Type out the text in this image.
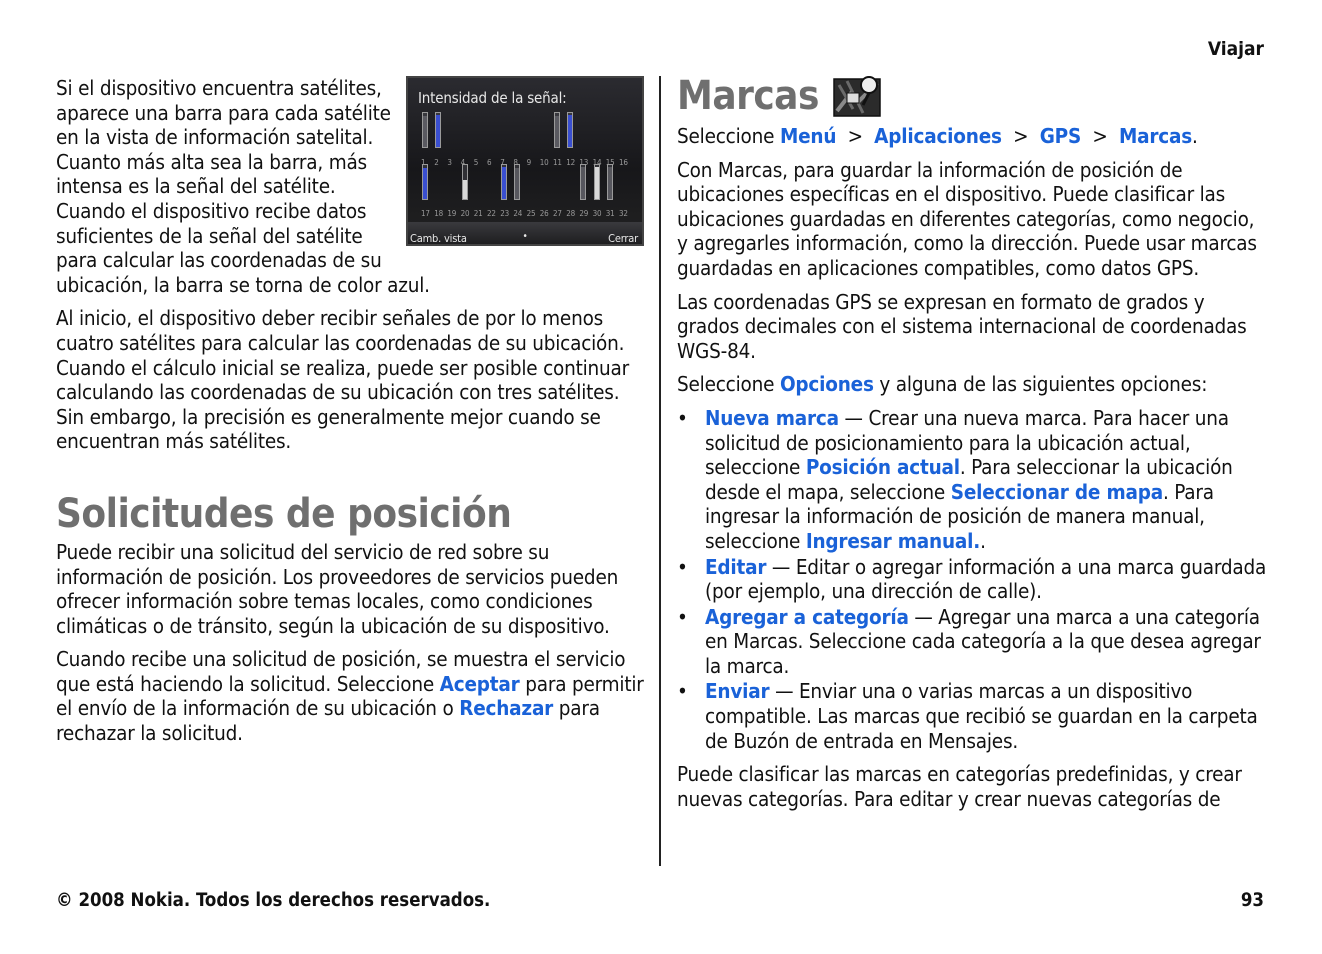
Viajar
Intensidad de la señal:
1 2 3 4 5 6 7 8 9 10 11 12 13 14 15 16
17 18 19 20 21 22 23 24 25 26 27 28 29 30 31 32
Camb. vista	•	Cerrar

Si el dispositivo encuentra satélites, aparece una barra para cada satélite en la vista de información satelital. Cuanto más alta sea la barra, más intensa es la señal del satélite. Cuando el dispositivo recibe datos suficientes de la señal del satélite para calcular las coordenadas de su ubicación, la barra se torna de color azul.

Al inicio, el dispositivo deber recibir señales de por lo menos cuatro satélites para calcular las coordenadas de su ubicación. Cuando el cálculo inicial se realiza, puede ser posible continuar calculando las coordenadas de su ubicación con tres satélites. Sin embargo, la precisión es generalmente mejor cuando se encuentran más satélites.

Solicitudes de posición

Puede recibir una solicitud del servicio de red sobre su información de posición. Los proveedores de servicios pueden ofrecer información sobre temas locales, como condiciones climáticas o de tránsito, según la ubicación de su dispositivo.

Cuando recibe una solicitud de posición, se muestra el servicio que está haciendo la solicitud. Seleccione Aceptar para permitir el envío de la información de su ubicación o Rechazar para rechazar la solicitud.

Marcas

Seleccione Menú > Aplicaciones > GPS > Marcas.

Con Marcas, para guardar la información de posición de ubicaciones específicas en el dispositivo. Puede clasificar las ubicaciones guardadas en diferentes categorías, como negocio, y agregarles información, como la dirección. Puede usar marcas guardadas en aplicaciones compatibles, como datos GPS.

Las coordenadas GPS se expresan en formato de grados y grados decimales con el sistema internacional de coordenadas WGS-84.

Seleccione Opciones y alguna de las siguientes opciones:

• Nueva marca — Crear una nueva marca. Para hacer una solicitud de posicionamiento para la ubicación actual, seleccione Posición actual. Para seleccionar la ubicación desde el mapa, seleccione Seleccionar de mapa. Para ingresar la información de posición de manera manual, seleccione Ingresar manual..
• Editar — Editar o agregar información a una marca guardada (por ejemplo, una dirección de calle).
• Agregar a categoría — Agregar una marca a una categoría en Marcas. Seleccione cada categoría a la que desea agregar la marca.
• Enviar — Enviar una o varias marcas a un dispositivo compatible. Las marcas que recibió se guardan en la carpeta de Buzón de entrada en Mensajes.

Puede clasificar las marcas en categorías predefinidas, y crear nuevas categorías. Para editar y crear nuevas categorías de

© 2008 Nokia. Todos los derechos reservados.	93
